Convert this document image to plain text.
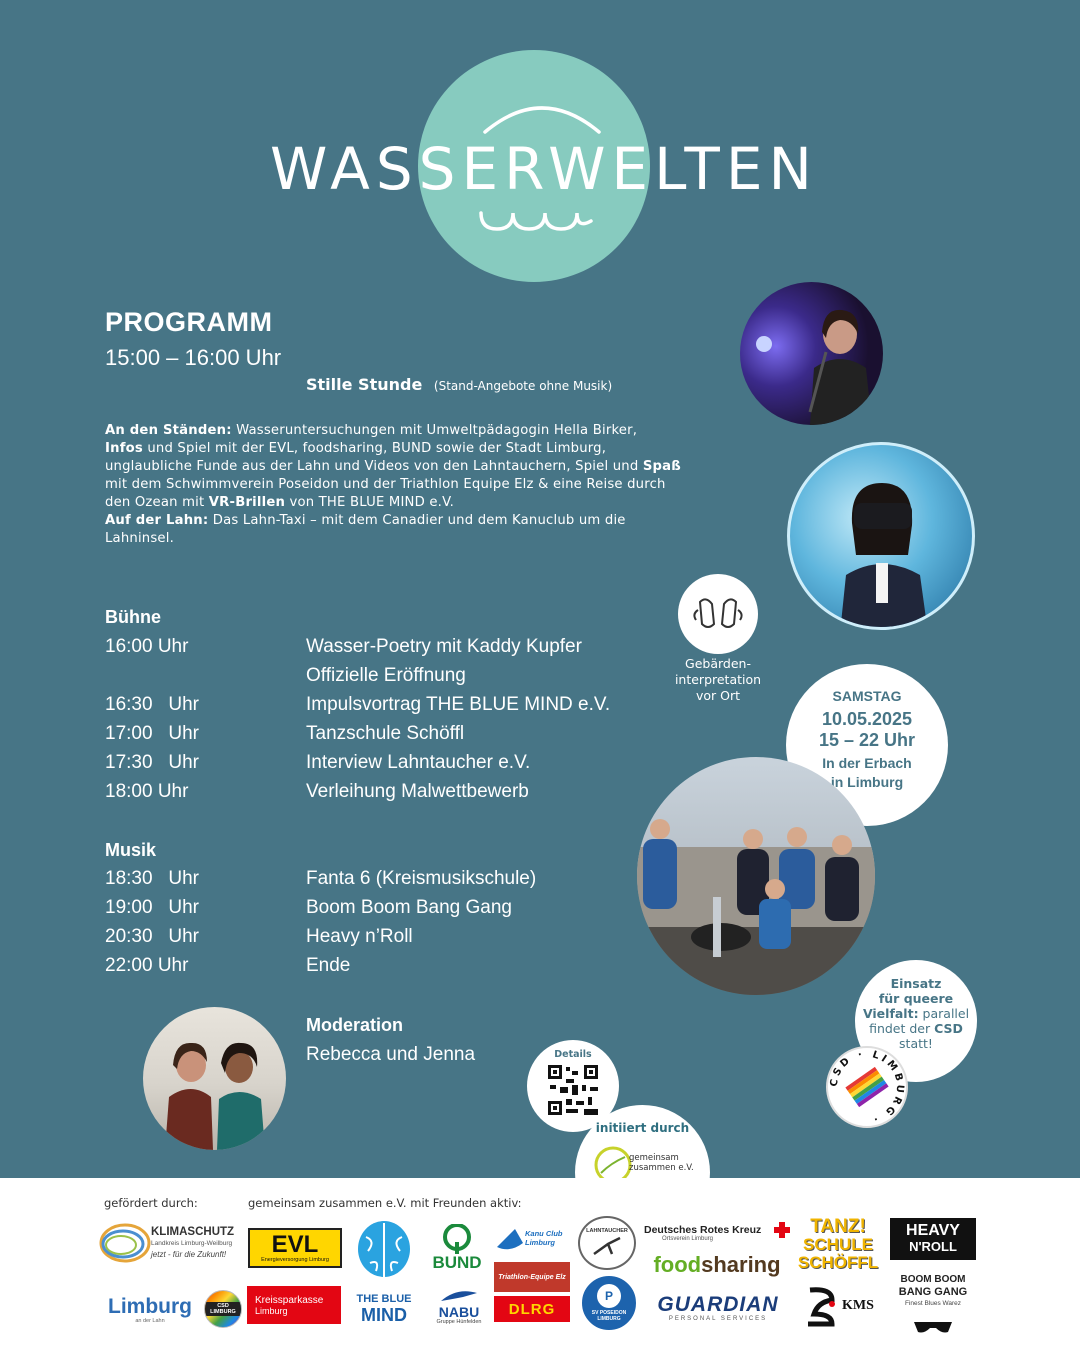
WASSERWELTEN
PROGRAMM
15:00 – 16:00 Uhr
Stille Stunde (Stand-Angebote ohne Musik)
An den Ständen: Wasseruntersuchungen mit Umweltpädagogin Hella Birker,
Infos und Spiel mit der EVL, foodsharing, BUND sowie der Stadt Limburg, unglaubliche Funde aus der Lahn und Videos von den Lahntauchern, Spiel und Spaß mit dem Schwimmverein Poseidon und der Triathlon Equipe Elz & eine Reise durch den Ozean mit VR-Brillen von THE BLUE MIND e.V.
Auf der Lahn: Das Lahn-Taxi – mit dem Canadier und dem Kanuclub um die Lahninsel.
Bühne
16:00 Uhr	Wasser-Poetry mit Kaddy Kupfer
Offizielle Eröffnung
16:30   Uhr	Impulsvortrag THE BLUE MIND e.V.
17:00   Uhr	Tanzschule Schöffl
17:30   Uhr	Interview Lahntaucher e.V.
18:00 Uhr	Verleihung Malwettbewerb
Musik
18:30   Uhr	Fanta 6 (Kreismusikschule)
19:00   Uhr	Boom Boom Bang Gang
20:30   Uhr	Heavy n’Roll
22:00 Uhr	Ende
Moderation
Rebecca und Jenna
Gebärden-
interpretation
vor Ort	SAMSTAG
10.05.2025
15 – 22 Uhr
In der Erbach
in Limburg
Einsatz
für queere
Vielfalt: parallel
findet der CSD
statt!
CSD · LIMBURG ·
Details
initiiert durch
gemeinsam
zusammen e.V.
gefördert durch:	gemeinsam zusammen e.V. mit Freunden aktiv:
KLIMASCHUTZ
Landkreis Limburg-Weilburg
jetzt - für die Zukunft!	EVL
Energieversorgung Limburg
Limburg
an der Lahn
CSD LIMBURG
Kreissparkasse
Limburg
THE BLUE
MIND
BUND
NABU
Gruppe Hünfelden
Kanu Club Limburg
Triathlon-Equipe Elz
DLRG
LAHNTAUCHER
P
SV POSEIDON LIMBURG
Deutsches Rotes Kreuz
Ortsverein Limburg
food sharing
GUARDIAN
PERSONAL SERVICES
TANZ!
SCHULE
SCHÖFFL
KMS
HEAVY
N'ROLL
BOOM BOOM
BANG GANG
Finest Blues Warez
